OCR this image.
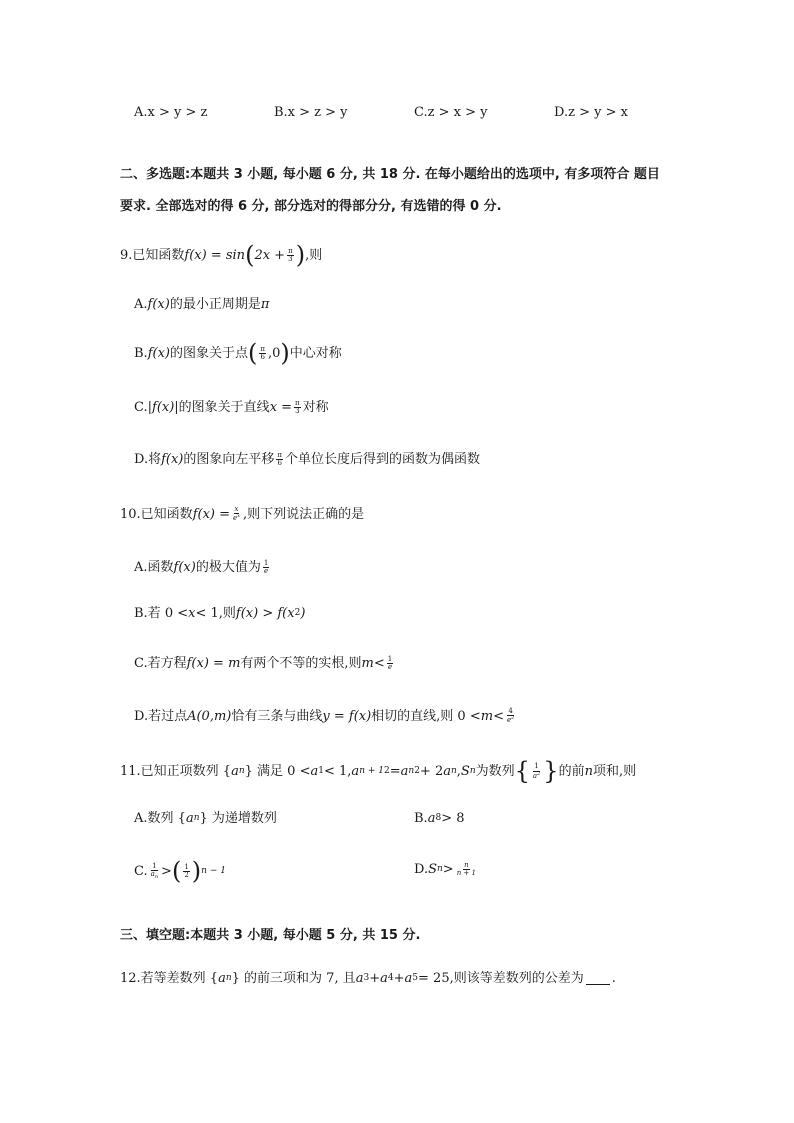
A.x > y > z	B.x > z > y	C.z > x > y	D.z > y > x
二、多选题:本题共 3 小题, 每小题 6 分, 共 18 分. 在每小题给出的选项中, 有多项符合 题目
要求. 全部选对的得 6 分, 部分选对的得部分分, 有选错的得 0 分.
9.已知函数 f(x) = sin ( $2x + \frac{\pi}{3}$ ) ,则
A. f(x) 的最小正周期是 π
B. f(x) 的图象关于点 ( $\frac{\pi}{6} ,0$ ) 中心对称
C. |f(x)| 的图象关于直线 $x = \frac{\pi}{3}$ 对称
D.将 f(x) 的图象向左平移 $\frac{\pi}{6}$ 个单位长度后得到的函数为偶函数
10.已知函数 $f(x) = \frac{x}{e^x}$ ,则下列说法正确的是
A.函数 f(x) 的极大值为 $\frac{1}{e}$
B.若 0 < x < 1,则 f(x) > f(x 2 )
C.若方程 f(x) = m 有两个不等的实根,则 $m < \frac{1}{e}$
D.若过点 A(0,m) 恰有三条与曲线 y = f(x) 相切的直线,则 $0 < m < \frac{4}{e^2}$
11.已知正项数列 { a n } 满足 0 < a 1 < 1, a n + 1 2 = a n 2 + 2 a n , S n 为数列 { $\frac{1}{a^2}$ } 的前 n 项和,则
A.数列 { a n } 为递增数列	B. a 8 > 8
C. $\frac{1}{a_n}$ > ( $\frac{1}{2}$ ) n − 1	D. S $n > \frac{n}{n + 1}$
三、填空题:本题共 3 小题, 每小题 5 分, 共 15 分.
12.若等差数列 { a n } 的前三项和为 7, 且 a 3 + a 4 + a 5 = 25 ,则该等差数列的公差为 .
